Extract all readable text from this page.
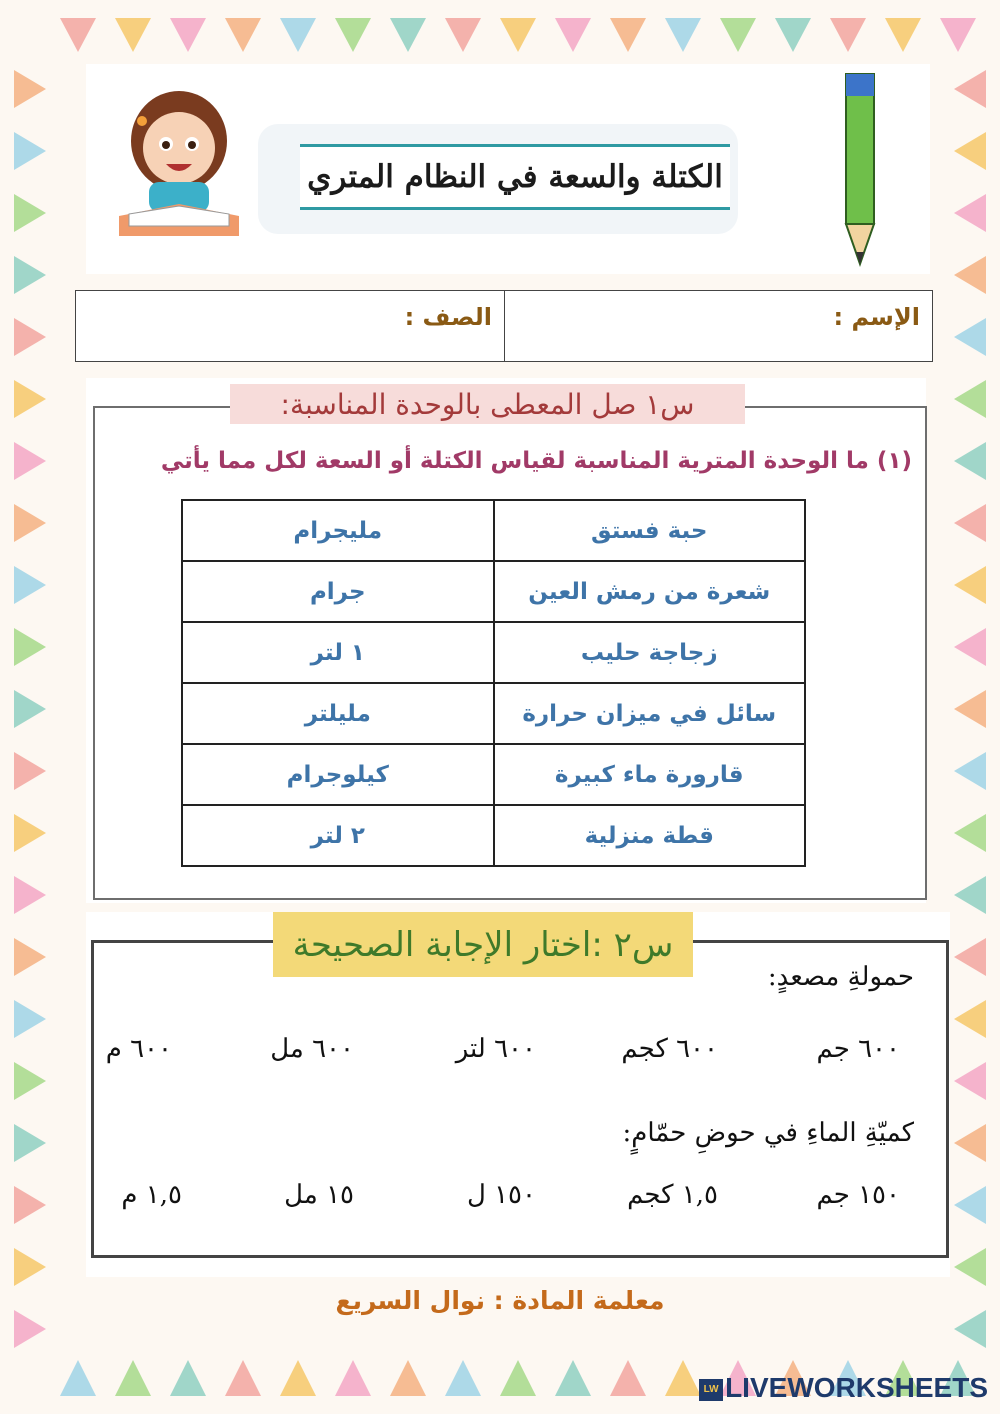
الكتلة والسعة في النظام المتري
الإسم :
الصف :
س١ صل المعطى بالوحدة المناسبة:
(١) ما الوحدة المترية المناسبة لقياس الكتلة أو السعة لكل مما يأتي
مليجرام	حبة فستق
جرام	شعرة من رمش العين
١ لتر	زجاجة حليب
مليلتر	سائل في ميزان حرارة
كيلوجرام	قارورة ماء كبيرة
٢ لتر	قطة منزلية
س٢ :اختار الإجابة الصحيحة
حمولةِ مصعدٍ:
٦٠٠ جم
٦٠٠ كجم
٦٠٠ لتر
٦٠٠ مل
٦٠٠ م
كميّةِ الماءِ في حوضِ حمّامٍ:
١٥٠ جم
١,٥ كجم
١٥٠ ل
١٥ مل
١,٥ م
معلمة المادة : نوال السريع
LW LIVEWORKSHEETS
